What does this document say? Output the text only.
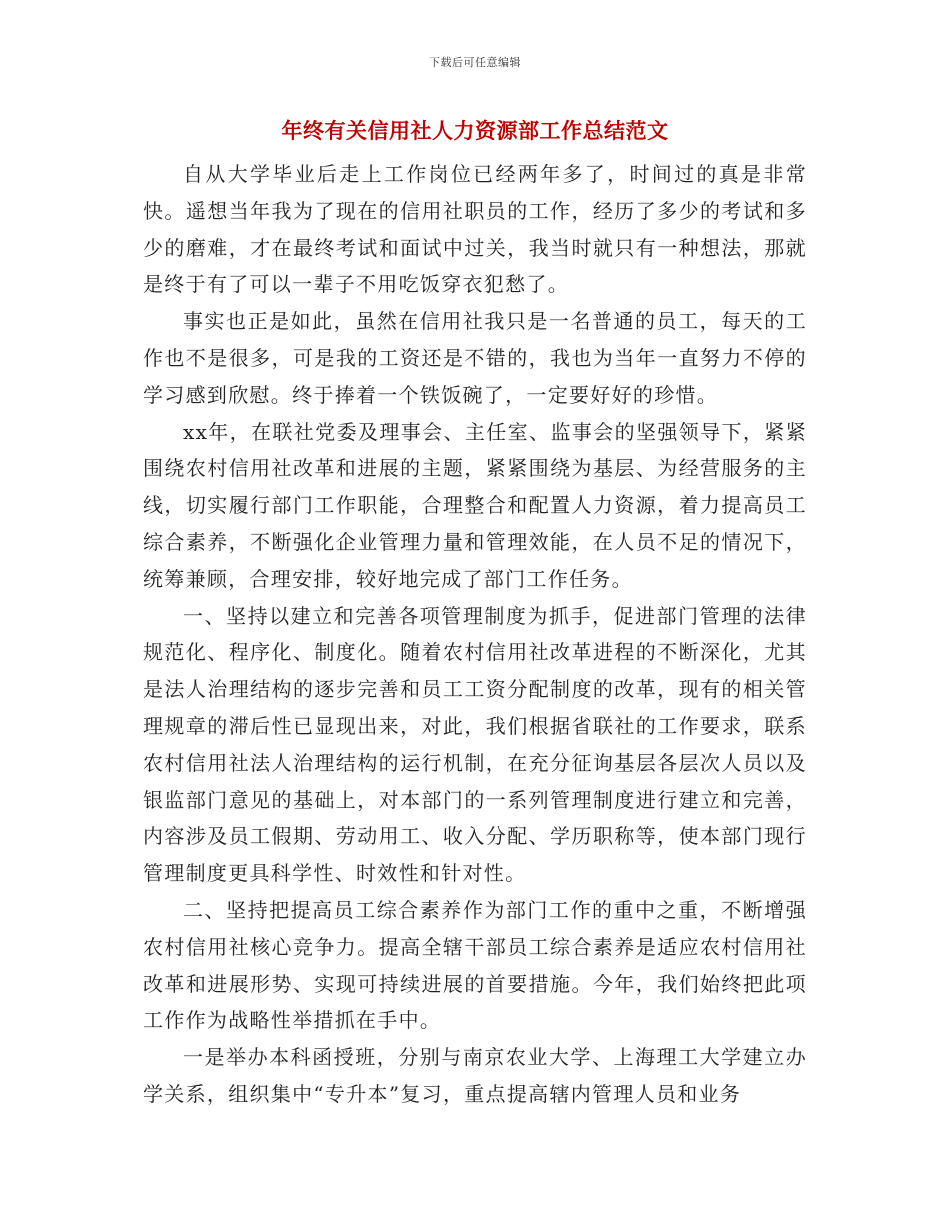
下载后可任意编辑
年终有关信用社人力资源部工作总结范文

自从大学毕业后走上工作岗位已经两年多了，时间过的真是非常快。遥想当年我为了现在的信用社职员的工作，经历了多少的考试和多少的磨难，才在最终考试和面试中过关，我当时就只有一种想法，那就是终于有了可以一辈子不用吃饭穿衣犯愁了。

事实也正是如此，虽然在信用社我只是一名普通的员工，每天的工作也不是很多，可是我的工资还是不错的，我也为当年一直努力不停的学习感到欣慰。终于捧着一个铁饭碗了，一定要好好的珍惜。

xx年，在联社党委及理事会、主任室、监事会的坚强领导下，紧紧围绕农村信用社改革和进展的主题，紧紧围绕为基层、为经营服务的主线，切实履行部门工作职能，合理整合和配置人力资源，着力提高员工综合素养，不断强化企业管理力量和管理效能，在人员不足的情况下，统筹兼顾，合理安排，较好地完成了部门工作任务。

一、坚持以建立和完善各项管理制度为抓手，促进部门管理的法律规范化、程序化、制度化。随着农村信用社改革进程的不断深化，尤其是法人治理结构的逐步完善和员工工资分配制度的改革，现有的相关管理规章的滞后性已显现出来，对此，我们根据省联社的工作要求，联系农村信用社法人治理结构的运行机制，在充分征询基层各层次人员以及银监部门意见的基础上，对本部门的一系列管理制度进行建立和完善，内容涉及员工假期、劳动用工、收入分配、学历职称等，使本部门现行管理制度更具科学性、时效性和针对性。

二、坚持把提高员工综合素养作为部门工作的重中之重，不断增强农村信用社核心竞争力。提高全辖干部员工综合素养是适应农村信用社改革和进展形势、实现可持续进展的首要措施。今年，我们始终把此项工作作为战略性举措抓在手中。

一是举办本科函授班，分别与南京农业大学、上海理工大学建立办学关系，组织集中“专升本”复习，重点提高辖内管理人员和业务
